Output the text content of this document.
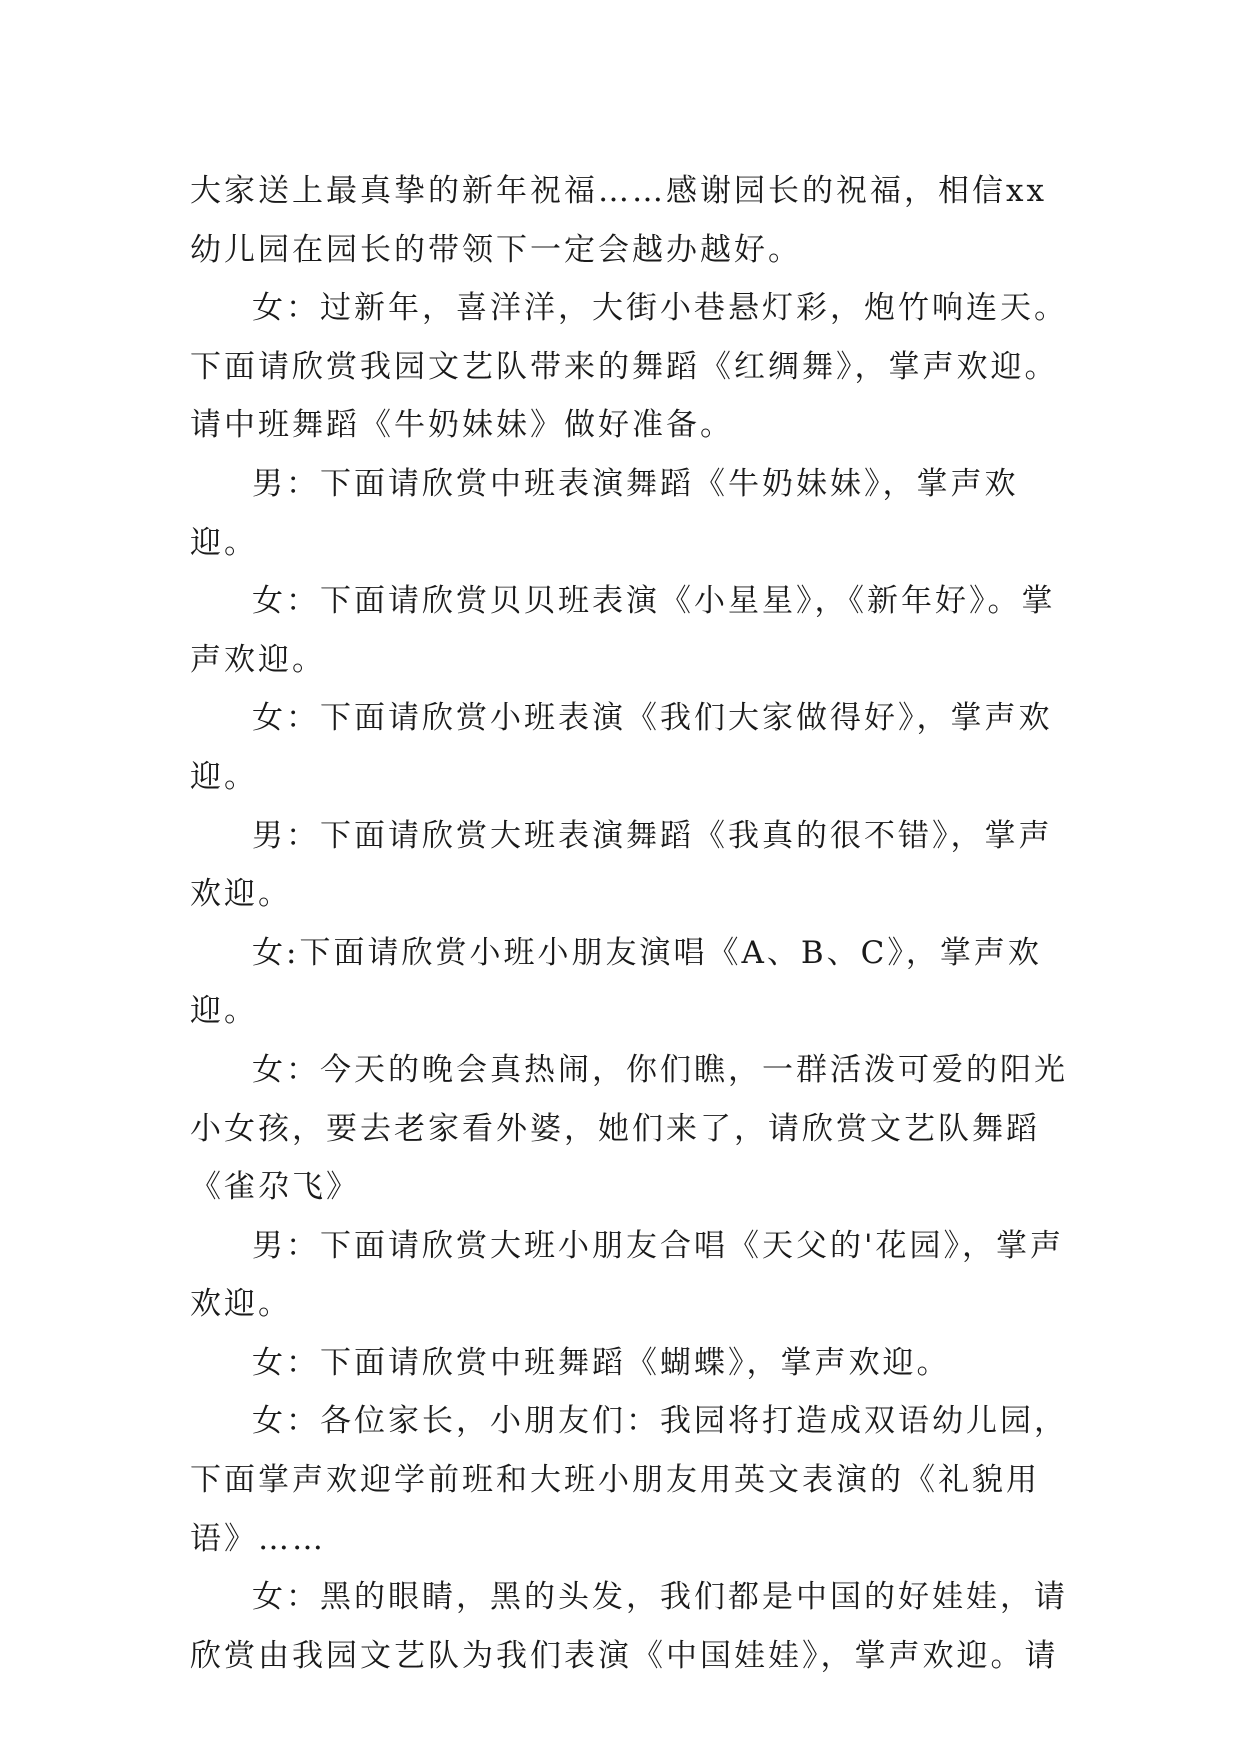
大家送上最真挚的新年祝福……感谢园长的祝福，相信xx幼儿园在园长的带领下一定会越办越好。

女：过新年，喜洋洋，大街小巷悬灯彩，炮竹响连天。下面请欣赏我园文艺队带来的舞蹈《红绸舞》，掌声欢迎。请中班舞蹈《牛奶妹妹》做好准备。

男：下面请欣赏中班表演舞蹈《牛奶妹妹》，掌声欢迎。

女：下面请欣赏贝贝班表演《小星星》，《新年好》。掌声欢迎。

女：下面请欣赏小班表演《我们大家做得好》，掌声欢迎。

男：下面请欣赏大班表演舞蹈《我真的很不错》，掌声欢迎。

女:下面请欣赏小班小朋友演唱《A、B、C》，掌声欢迎。

女：今天的晚会真热闹，你们瞧，一群活泼可爱的阳光小女孩，要去老家看外婆，她们来了，请欣赏文艺队舞蹈《雀尕飞》

男：下面请欣赏大班小朋友合唱《天父的'花园》，掌声欢迎。

女：下面请欣赏中班舞蹈《蝴蝶》，掌声欢迎。

女：各位家长，小朋友们：我园将打造成双语幼儿园，下面掌声欢迎学前班和大班小朋友用英文表演的《礼貌用语》……

女：黑的眼睛，黑的头发，我们都是中国的好娃娃，请欣赏由我园文艺队为我们表演《中国娃娃》，掌声欢迎。请
